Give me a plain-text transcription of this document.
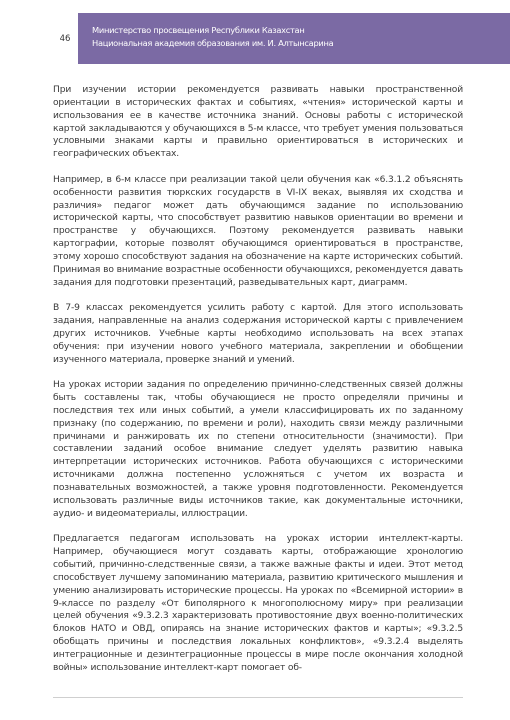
46
Министерство просвещения Республики Казахстан
Национальная академия образования им. И. Алтынсарина

При изучении истории рекомендуется развивать навыки пространственной ориентации в исторических фактах и событиях, «чтения» исторической карты и использования ее в качестве источника знаний. Основы работы с исторической картой закладываются у обучающихся в 5-м классе, что требует умения пользоваться условными знаками карты и правильно ориентироваться в исторических и географических объектах.

Например, в 6-м классе при реализации такой цели обучения как «6.3.1.2 объяснять особенности развития тюркских государств в VI-IX веках, выявляя их сходства и различия» педагог может дать обучающимся задание по использованию исторической карты, что способствует развитию навыков ориентации во времени и пространстве у обучающихся. Поэтому рекомендуется развивать навыки картографии, которые позволят обучающимся ориентироваться в пространстве, этому хорошо способствуют задания на обозначение на карте исторических событий. Принимая во внимание возрастные особенности обучающихся, рекомендуется давать задания для подготовки презентаций, разведывательных карт, диаграмм.

В 7-9 классах рекомендуется усилить работу с картой. Для этого использовать задания, направленные на анализ содержания исторической карты с привлечением других источников. Учебные карты необходимо использовать на всех этапах обучения: при изучении нового учебного материала, закреплении и обобщении изученного материала, проверке знаний и умений.

На уроках истории задания по определению причинно-следственных связей должны быть составлены так, чтобы обучающиеся не просто определяли причины и последствия тех или иных событий, а умели классифицировать их по заданному признаку (по содержанию, по времени и роли), находить связи между различными причинами и ранжировать их по степени относительности (значимости). При составлении заданий особое внимание следует уделять развитию навыка интерпретации исторических источников. Работа обучающихся с историческими источниками должна постепенно усложняться с учетом их возраста и познавательных возможностей, а также уровня подготовленности. Рекомендуется использовать различные виды источников такие, как документальные источники, аудио- и видеоматериалы, иллюстрации.

Предлагается педагогам использовать на уроках истории интеллект-карты. Например, обучающиеся могут создавать карты, отображающие хронологию событий, причинно-следственные связи, а также важные факты и идеи. Этот метод способствует лучшему запоминанию материала, развитию критического мышления и умению анализировать исторические процессы. На уроках по «Всемирной истории» в 9-классе по разделу «От биполярного к многополюсному миру» при реализации целей обучения «9.3.2.3 характеризовать противостояние двух военно-политических блоков НАТО и ОВД, опираясь на знание исторических фактов и карты»; «9.3.2.5 обобщать причины и последствия локальных конфликтов», «9.3.2.4 выделять интеграционные и дезинтеграционные процессы в мире после окончания холодной войны» использование интеллект-карт помогает об-
